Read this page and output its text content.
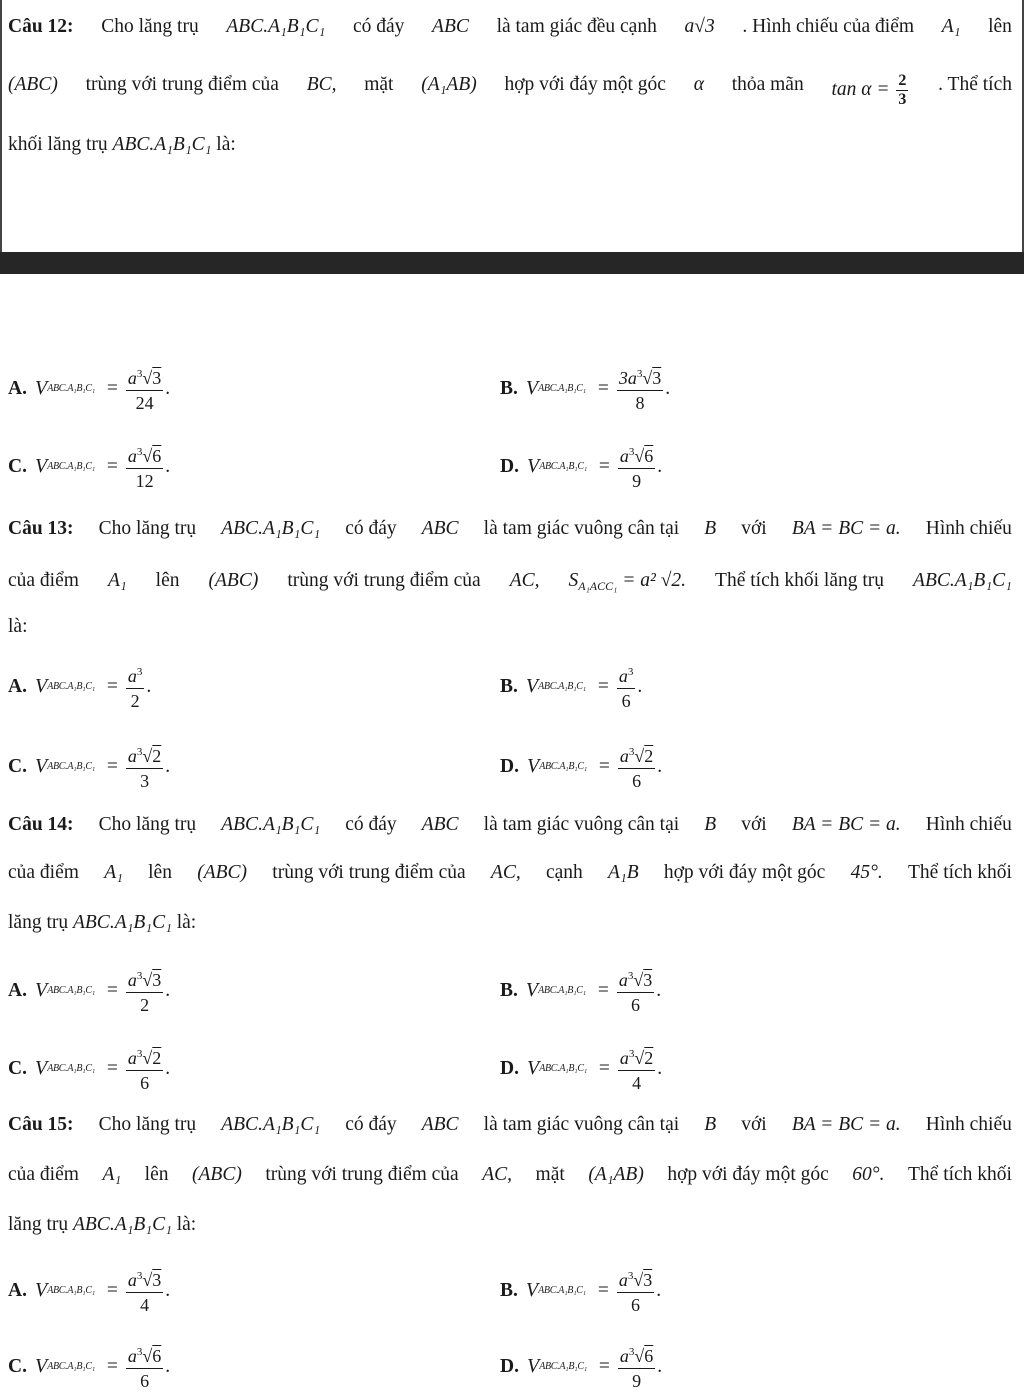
Câu 12: Cho lăng trụ ABC.A₁B₁C₁ có đáy ABC là tam giác đều cạnh a√3 . Hình chiếu của điểm A₁ lên
(ABC) trùng với trung điểm của BC, mặt (A₁AB) hợp với đáy một góc α thỏa mãn $\tan \alpha = \frac{2}{3}$ . Thể tích
khối lăng trụ ABC.A₁B₁C₁ là:
A. V $ABC.A_1B_1C_1 = \frac{a^3√3}{24}$ .	B. V $ABC.A_1B_1C_1 = \frac{3a^3√3}{8}$ .
C. V $ABC.A_1B_1C_1 = \frac{a^3√6}{12}$ .	D. V $ABC.A_1B_1C_1 = \frac{a^3√6}{9}$ .
Câu 13: Cho lăng trụ ABC.A₁B₁C₁ có đáy ABC là tam giác vuông cân tại B với BA = BC = a. Hình chiếu
của điểm A₁ lên (ABC) trùng với trung điểm của AC, $S_{A_1ACC_1} = a^2$ √2. Thể tích khối lăng trụ ABC.A₁B₁C₁
là:
A. V $ABC.A_1B_1C_1 = \frac{a^3}{2}$ .	B. V $ABC.A_1B_1C_1 = \frac{a^3}{6}$ .
C. V $ABC.A_1B_1C_1 = \frac{a^3√2}{3}$ .	D. V $ABC.A_1B_1C_1 = \frac{a^3√2}{6}$ .
Câu 14: Cho lăng trụ ABC.A₁B₁C₁ có đáy ABC là tam giác vuông cân tại B với BA = BC = a. Hình chiếu
của điểm A₁ lên (ABC) trùng với trung điểm của AC, cạnh A₁B hợp với đáy một góc 45°. Thể tích khối
lăng trụ ABC.A₁B₁C₁ là:
A. V $ABC.A_1B_1C_1 = \frac{a^3√3}{2}$ .	B. V $ABC.A_1B_1C_1 = \frac{a^3√3}{6}$ .
C. V $ABC.A_1B_1C_1 = \frac{a^3√2}{6}$ .	D. V $ABC.A_1B_1C_1 = \frac{a^3√2}{4}$ .
Câu 15: Cho lăng trụ ABC.A₁B₁C₁ có đáy ABC là tam giác vuông cân tại B với BA = BC = a. Hình chiếu
của điểm A₁ lên (ABC) trùng với trung điểm của AC, mặt (A₁AB) hợp với đáy một góc 60°. Thể tích khối
lăng trụ ABC.A₁B₁C₁ là:
A. V $ABC.A_1B_1C_1 = \frac{a^3√3}{4}$ .	B. V $ABC.A_1B_1C_1 = \frac{a^3√3}{6}$ .
C. V $ABC.A_1B_1C_1 = \frac{a^3√6}{6}$ .	D. V $ABC.A_1B_1C_1 = \frac{a^3√6}{9}$ .
